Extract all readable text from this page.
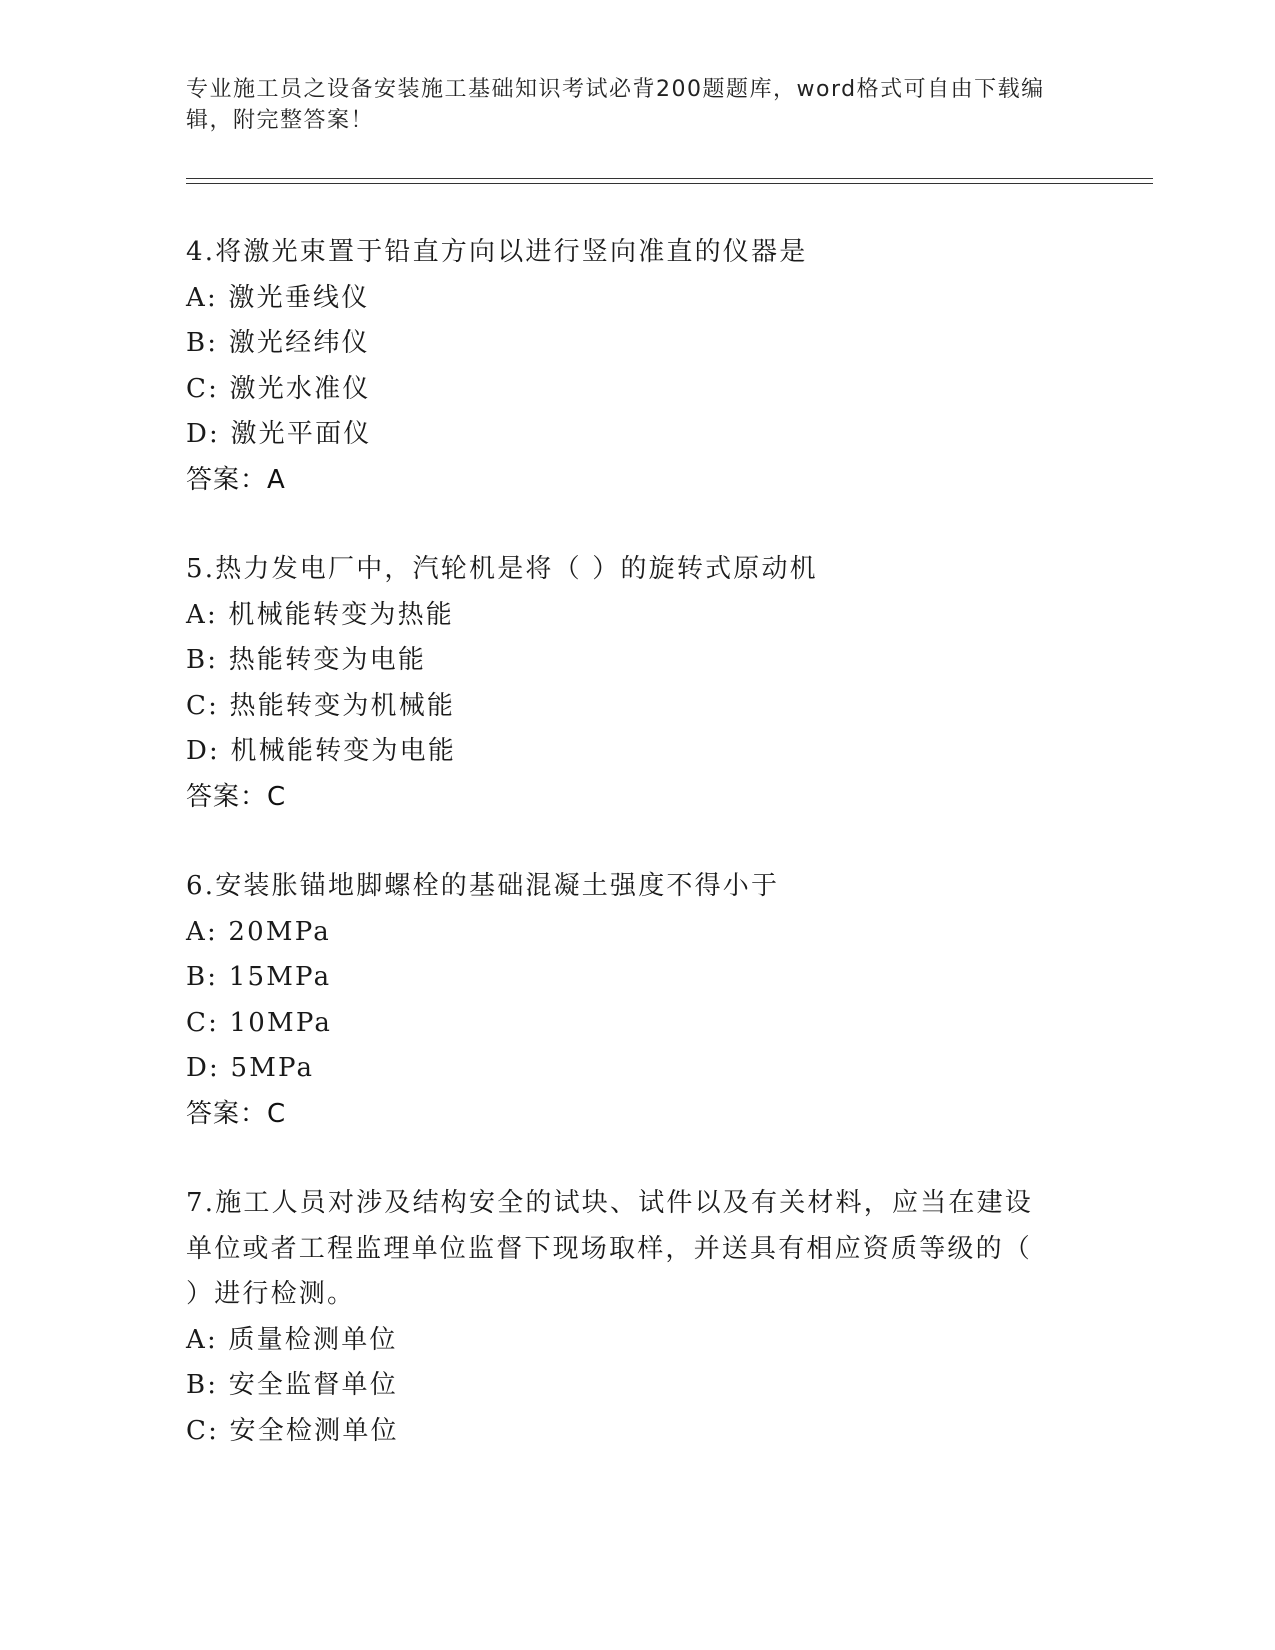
专业施工员之设备安装施工基础知识考试必背200题题库，word格式可自由下载编辑，附完整答案！
4.将激光束置于铅直方向以进行竖向准直的仪器是
A: 激光垂线仪
B: 激光经纬仪
C: 激光水准仪
D: 激光平面仪
答案：A
5.热力发电厂中，汽轮机是将（ ）的旋转式原动机
A: 机械能转变为热能
B: 热能转变为电能
C: 热能转变为机械能
D: 机械能转变为电能
答案：C
6.安装胀锚地脚螺栓的基础混凝土强度不得小于
A: 20MPa
B: 15MPa
C: 10MPa
D: 5MPa
答案：C
7.施工人员对涉及结构安全的试块、试件以及有关材料，应当在建设单位或者工程监理单位监督下现场取样，并送具有相应资质等级的（ ）进行检测。
A: 质量检测单位
B: 安全监督单位
C: 安全检测单位
